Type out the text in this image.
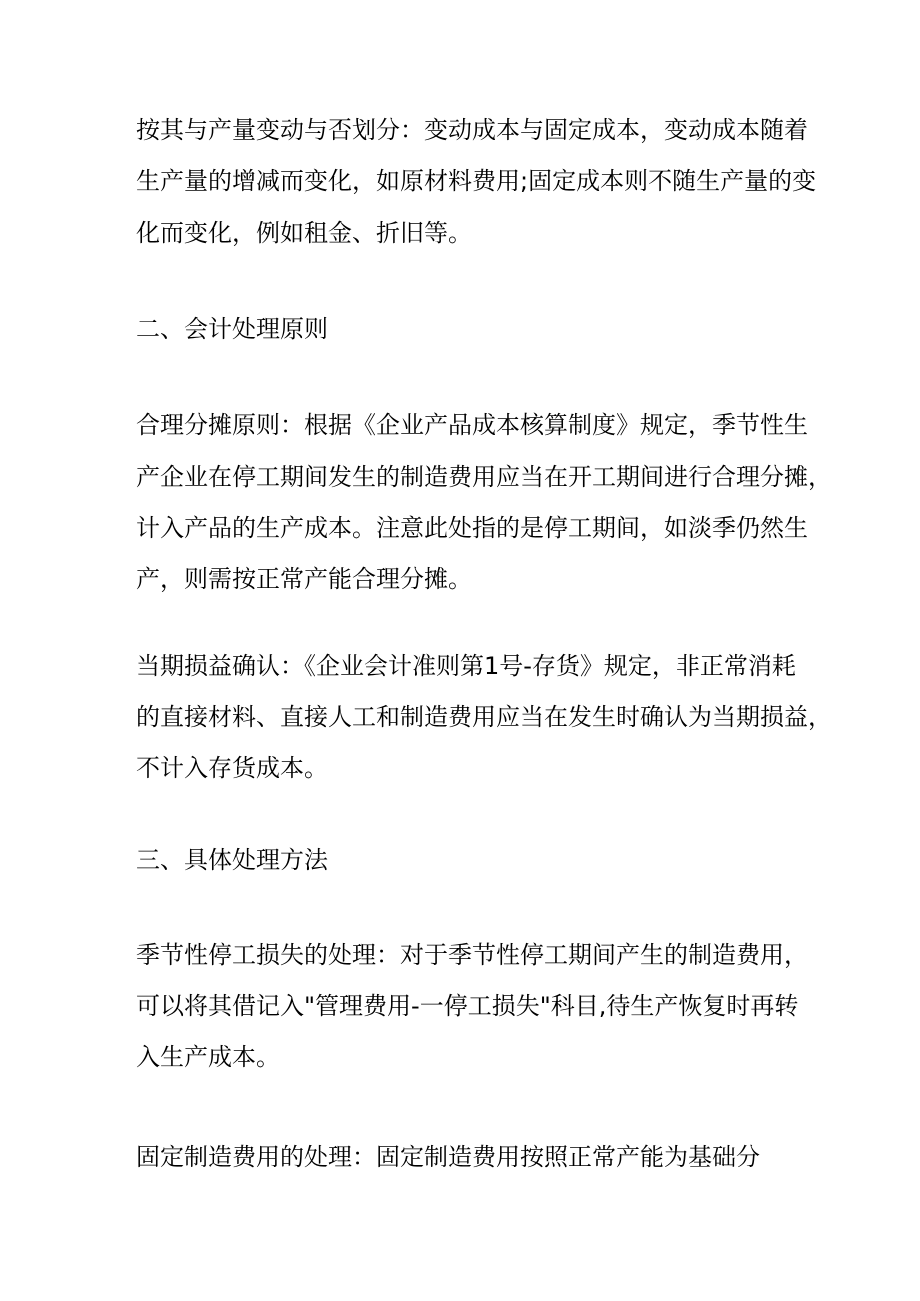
按其与产量变动与否划分：变动成本与固定成本，变动成本随着

生产量的增减而变化，如原材料费用;固定成本则不随生产量的变

化而变化，例如租金、折旧等。

二、会计处理原则

合理分摊原则：根据《企业产品成本核算制度》规定，季节性生

产企业在停工期间发生的制造费用应当在开工期间进行合理分摊，

计入产品的生产成本。注意此处指的是停工期间，如淡季仍然生

产，则需按正常产能合理分摊。

当期损益确认：《企业会计准则第1号-存货》规定，非正常消耗

的直接材料、直接人工和制造费用应当在发生时确认为当期损益，

不计入存货成本。

三、具体处理方法

季节性停工损失的处理：对于季节性停工期间产生的制造费用，

可以将其借记入"管理费用-一停工损失"科目,待生产恢复时再转

入生产成本。

固定制造费用的处理：固定制造费用按照正常产能为基础分
